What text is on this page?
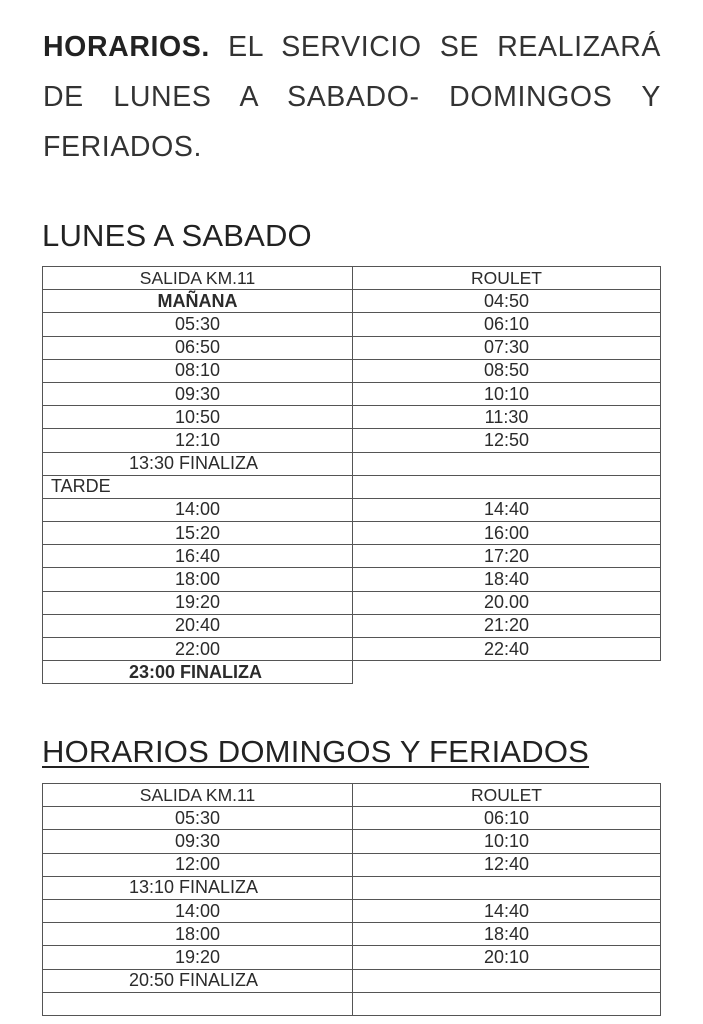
HORARIOS. EL SERVICIO SE REALIZARÁ DE LUNES A SABADO- DOMINGOS Y FERIADOS.

LUNES A SABADO
SALIDA KM.11	ROULET
MAÑANA	04:50
05:30	06:10
06:50	07:30
08:10	08:50
09:30	10:10
10:50	11:30
12:10	12:50
13:30 FINALIZA	
TARDE	
14:00	14:40
15:20	16:00
16:40	17:20
18:00	18:40
19:20	20.00
20:40	21:20
22:00	22:40
23:00 FINALIZA	
HORARIOS DOMINGOS Y FERIADOS
SALIDA KM.11	ROULET
05:30	06:10
09:30	10:10
12:00	12:40
13:10 FINALIZA	
14:00	14:40
18:00	18:40
19:20	20:10
20:50 FINALIZA	
